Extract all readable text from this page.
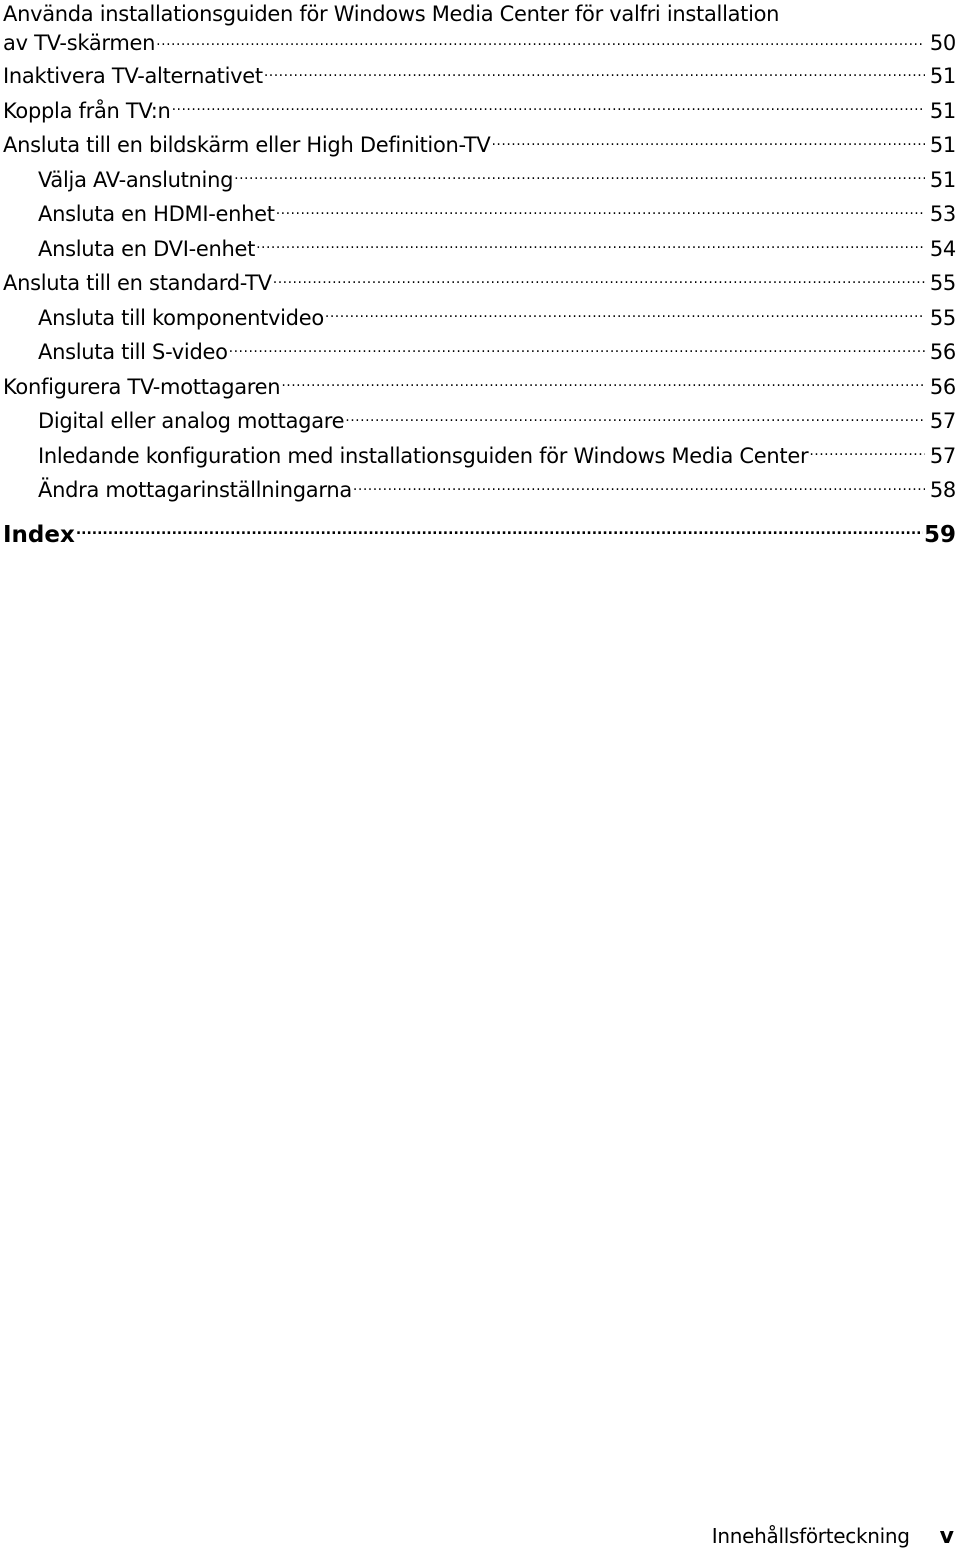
Använda installationsguiden för Windows Media Center för valfri installation
av TV-skärmen .....	50
Inaktivera TV-alternativet .....	51
Koppla från TV:n .....	51
Ansluta till en bildskärm eller High Definition-TV .....	51
Välja AV-anslutning .....	51
Ansluta en HDMI-enhet .....	53
Ansluta en DVI-enhet .....	54
Ansluta till en standard-TV .....	55
Ansluta till komponentvideo .....	55
Ansluta till S-video .....	56
Konfigurera TV-mottagaren .....	56
Digital eller analog mottagare .....	57
Inledande konfiguration med installationsguiden för Windows Media Center .....	57
Ändra mottagarinställningarna .....	58
Index .....	59
Innehållsförteckning v
